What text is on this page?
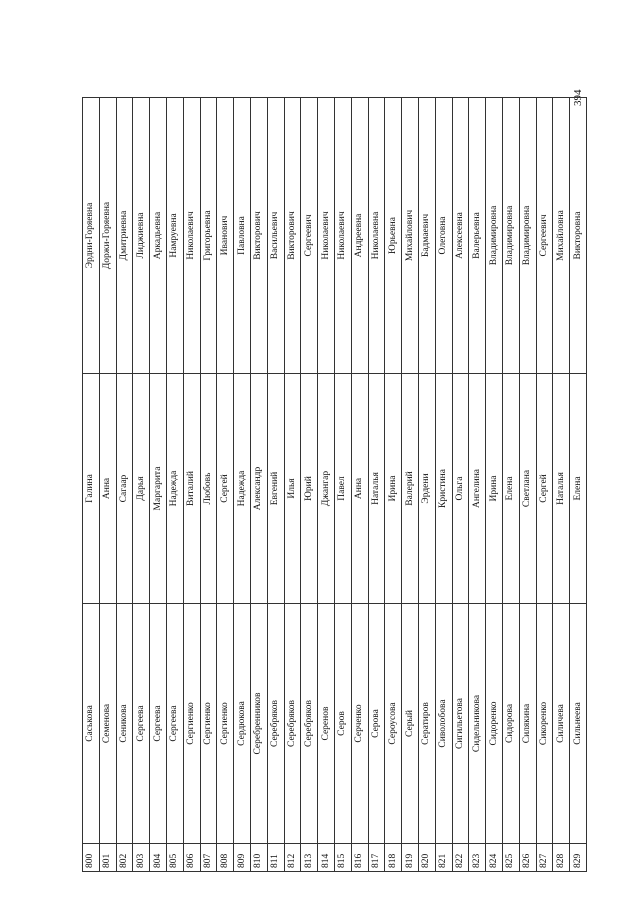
394
800	Саськова	Галина	Эрдни-Горяевна
801	Семенова	Анна	Доржи-Горяевна
802	Сеникова	Сагаар	Дмитриевна
803	Сергеева	Дарья	Лиджиевна
804	Сергеева	Маргарита	Аркадьевна
805	Сергеева	Надежда	Намруевна
806	Сергиенко	Виталий	Николаевич
807	Сергиенко	Любовь	Григорьевна
808	Сергиенко	Сергей	Иванович
809	Сердюкова	Надежда	Павловна
810	Серебренников	Александр	Викторович
811	Серебряков	Евгений	Васильевич
812	Серебряков	Илья	Викторович
813	Серебряков	Юрий	Сергеевич
814	Серенов	Джангар	Николаевич
815	Серов	Павел	Николаевич
816	Серченко	Анна	Андреевна
817	Серова	Наталья	Николаевна
818	Сероусова	Ирина	Юрьевна
819	Серый	Валерий	Михайлович
820	Сератиров	Эрдени	Бадмаевич
821	Сиволобова	Кристина	Олеговна
822	Сигильетова	Ольга	Алексеевна
823	Сидельникова	Ангелина	Валерьевна
824	Сидоренко	Ирина	Владимировна
825	Сидорова	Елена	Владимировна
826	Силякина	Светлана	Владимировна
827	Сикоренко	Сергей	Сергеевич
828	Силичева	Наталья	Михайловна
829	Сильнеева	Елена	Викторовна
